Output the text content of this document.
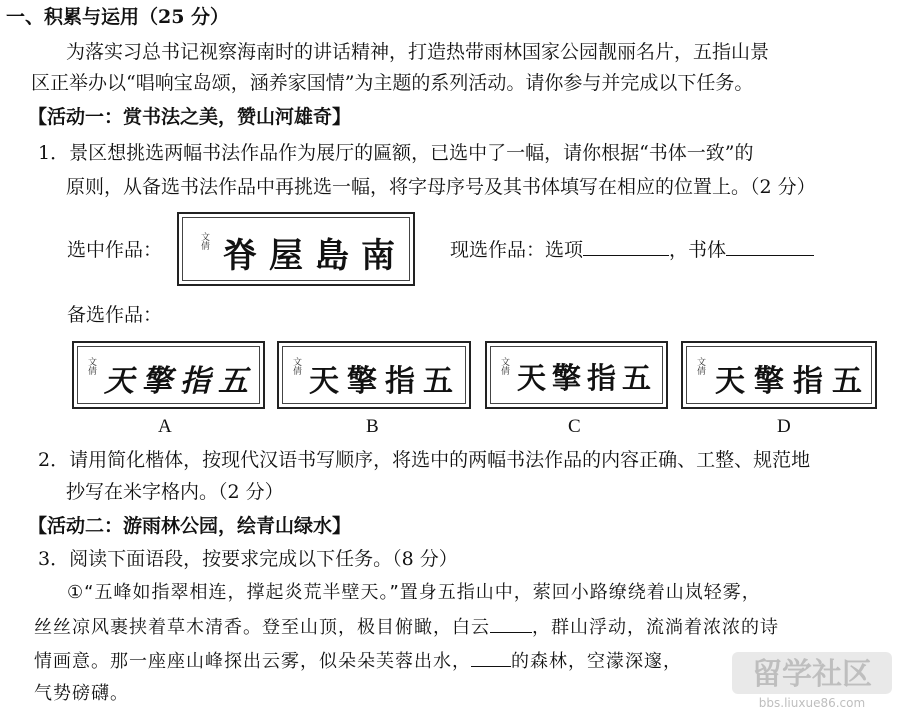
一、积累与运用（25 分）
为落实习总书记视察海南时的讲话精神，打造热带雨林国家公园靓丽名片，五指山景
区正举办以“唱响宝岛颂，涵养家国情”为主题的系列活动。请你参与并完成以下任务。
【活动一：赏书法之美，赞山河雄奇】
1．景区想挑选两幅书法作品作为展厅的匾额，已选中了一幅，请你根据“书体一致”的
原则，从备选书法作品中再挑选一幅，将字母序号及其书体填写在相应的位置上。（2 分）
选中作品：	文倩 脊屋島南 现选作品：选项	，书体
备选作品：
文倩 天擎指五
A
文倩 天擎指五
B
文倩 天擎指五
C
文倩 天擎指五
D
2．请用简化楷体，按现代汉语书写顺序，将选中的两幅书法作品的内容正确、工整、规范地
抄写在米字格内。（2 分）
【活动二：游雨林公园，绘青山绿水】
3．阅读下面语段，按要求完成以下任务。（8 分）
①“五峰如指翠相连，撑起炎荒半壁天。”置身五指山中，萦回小路缭绕着山岚轻雾，
丝丝凉风裹挟着草木清香。登至山顶，极目俯瞰，白云 ，群山浮动，流淌着浓浓的诗
情画意。那一座座山峰探出云雾，似朵朵芙蓉出水， 的森林，空濛深邃，
气势磅礴。
留学社区
bbs.liuxue86.com
